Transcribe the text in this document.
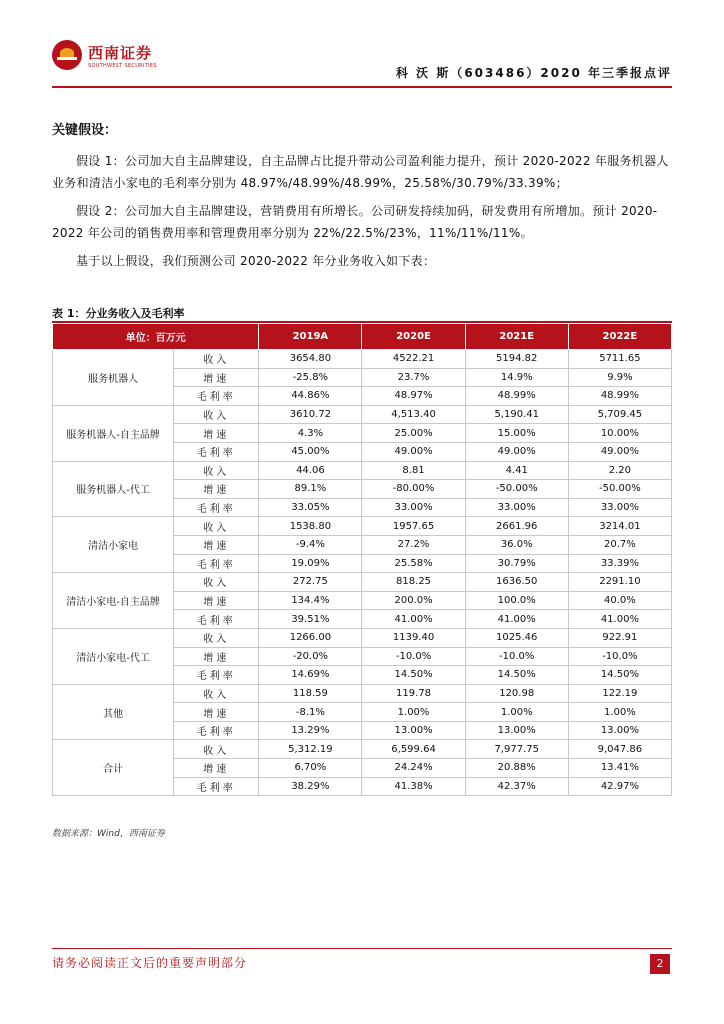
西南证券
SOUTHWEST SECURITIES
科 沃 斯（603486）2020 年三季报点评
关键假设：

假设 1：公司加大自主品牌建设，自主品牌占比提升带动公司盈利能力提升，预计 2020-2022 年服务机器人业务和清洁小家电的毛利率分别为 48.97%/48.99%/48.99%，25.58%/30.79%/33.39%；

假设 2：公司加大自主品牌建设，营销费用有所增长。公司研发持续加码，研发费用有所增加。预计 2020-2022 年公司的销售费用率和管理费用率分别为 22%/22.5%/23%，11%/11%/11%。

基于以上假设，我们预测公司 2020-2022 年分业务收入如下表：

表 1：分业务收入及毛利率
单位：百万元		2019A	2020E	2021E	2022E
服务机器人	收入	3654.80	4522.21	5194.82	5711.65
	增速	-25.8%	23.7%	14.9%	9.9%
	毛利率	44.86%	48.97%	48.99%	48.99%
服务机器人-自主品牌	收入	3610.72	4,513.40	5,190.41	5,709.45
	增速	4.3%	25.00%	15.00%	10.00%
	毛利率	45.00%	49.00%	49.00%	49.00%
服务机器人-代工	收入	44.06	8.81	4.41	2.20
	增速	89.1%	-80.00%	-50.00%	-50.00%
	毛利率	33.05%	33.00%	33.00%	33.00%
清洁小家电	收入	1538.80	1957.65	2661.96	3214.01
	增速	-9.4%	27.2%	36.0%	20.7%
	毛利率	19.09%	25.58%	30.79%	33.39%
清洁小家电-自主品牌	收入	272.75	818.25	1636.50	2291.10
	增速	134.4%	200.0%	100.0%	40.0%
	毛利率	39.51%	41.00%	41.00%	41.00%
清洁小家电-代工	收入	1266.00	1139.40	1025.46	922.91
	增速	-20.0%	-10.0%	-10.0%	-10.0%
	毛利率	14.69%	14.50%	14.50%	14.50%
其他	收入	118.59	119.78	120.98	122.19
	增速	-8.1%	1.00%	1.00%	1.00%
	毛利率	13.29%	13.00%	13.00%	13.00%
合计	收入	5,312.19	6,599.64	7,977.75	9,047.86
	增速	6.70%	24.24%	20.88%	13.41%
	毛利率	38.29%	41.38%	42.37%	42.97%
数据来源：Wind，西南证券
请务必阅读正文后的重要声明部分	2
